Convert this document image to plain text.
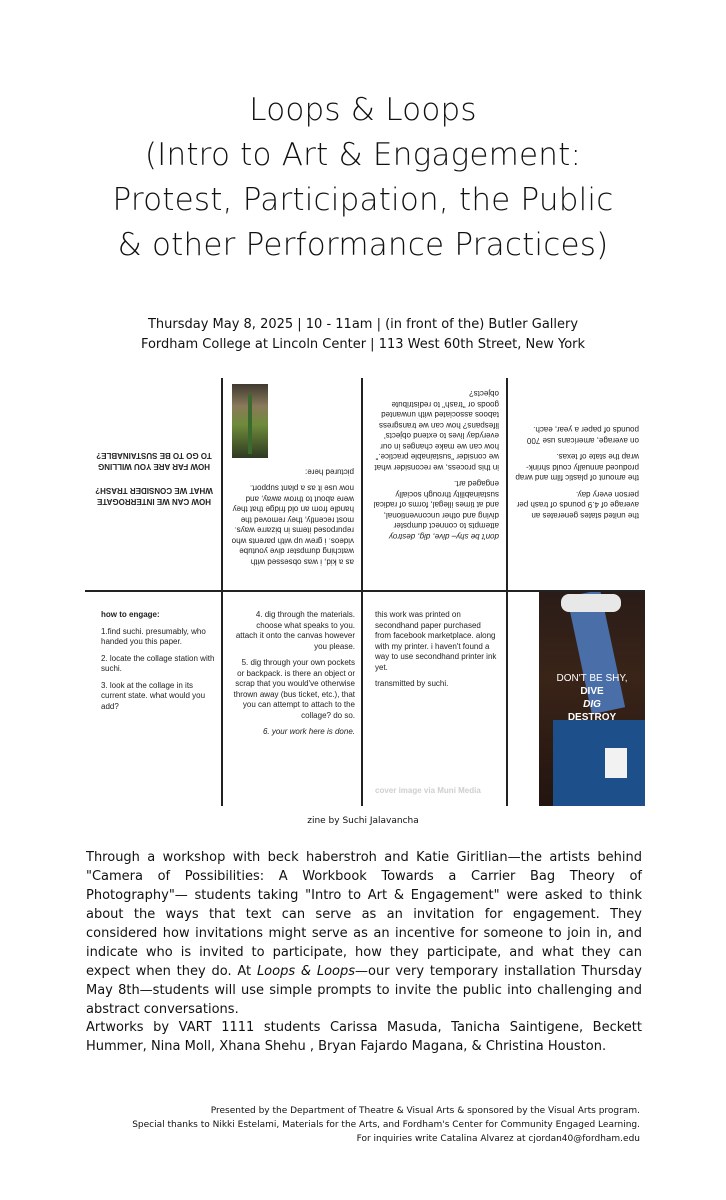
Loops & Loops
(Intro to Art & Engagement:
Protest, Participation, the Public
& other Performance Practices)
Thursday May 8, 2025 | 10 - 11am | (in front of the) Butler Gallery
Fordham College at Lincoln Center | 113 West 60th Street, New York

HOW CAN WE INTERROGATE WHAT WE CONSIDER TRASH?

HOW FAR ARE YOU WILLING TO GO TO BE SUSTAINABLE?

as a kid, i was obsessed with watching dumpster dive youtube videos. i grew up with parents who repurposed items in bizarre ways. most recently, they removed the handle from an old fridge that they were about to throw away, and now use it as a plant support.

pictured here:

don't be shy– dive, dig, destroy attempts to connect dumpster diving and other unconventional, and at times illegal, forms of radical sustainability through socially engaged art.

in this process, we reconsider what we consider "sustainable practice." how can we make changes in our everyday lives to extend objects' lifespans? how can we transgress taboos associated with unwanted goods or "trash" to redistribute objects?

the united states generates an average of 4.9 pounds of trash per person every day.

the amount of plastic film and wrap produced annually could shrink-wrap the state of texas.

on average, americans use 700 pounds of paper a year, each.

how to engage:

1.find suchi. presumably, who handed you this paper.

2. locate the collage station with suchi.

3. look at the collage in its current state. what would you add?

4. dig through the materials. choose what speaks to you. attach it onto the canvas however you please.

5. dig through your own pockets or backpack. is there an object or scrap that you would've otherwise thrown away (bus ticket, etc.), that you can attempt to attach to the collage? do so.

6. your work here is done.

this work was printed on secondhand paper purchased from facebook marketplace. along with my printer. i haven't found a way to use secondhand printer ink yet.

transmitted by suchi.	DON'T BE SHY,
DIVE
DIG
DESTROY
cover image via Muni Media
zine by Suchi Jalavancha

Through a workshop with beck haberstroh and Katie Giritlian—the artists behind "Camera of Possibilities: A Workbook Towards a Carrier Bag Theory of Photography"— students taking "Intro to Art & Engagement" were asked to think about the ways that text can serve as an invitation for engagement. They considered how invitations might serve as an incentive for someone to join in, and indicate who is invited to participate, how they participate, and what they can expect when they do. At Loops & Loops—our very temporary installation Thursday May 8th—students will use simple prompts to invite the public into challenging and abstract conversations.

Artworks by VART 1111 students Carissa Masuda, Tanicha Saintigene, Beckett Hummer, Nina Moll, Xhana Shehu , Bryan Fajardo Magana, & Christina Houston.

Presented by the Department of Theatre & Visual Arts & sponsored by the Visual Arts program.
Special thanks to Nikki Estelami, Materials for the Arts, and Fordham's Center for Community Engaged Learning.
For inquiries write Catalina Alvarez at cjordan40@fordham.edu
